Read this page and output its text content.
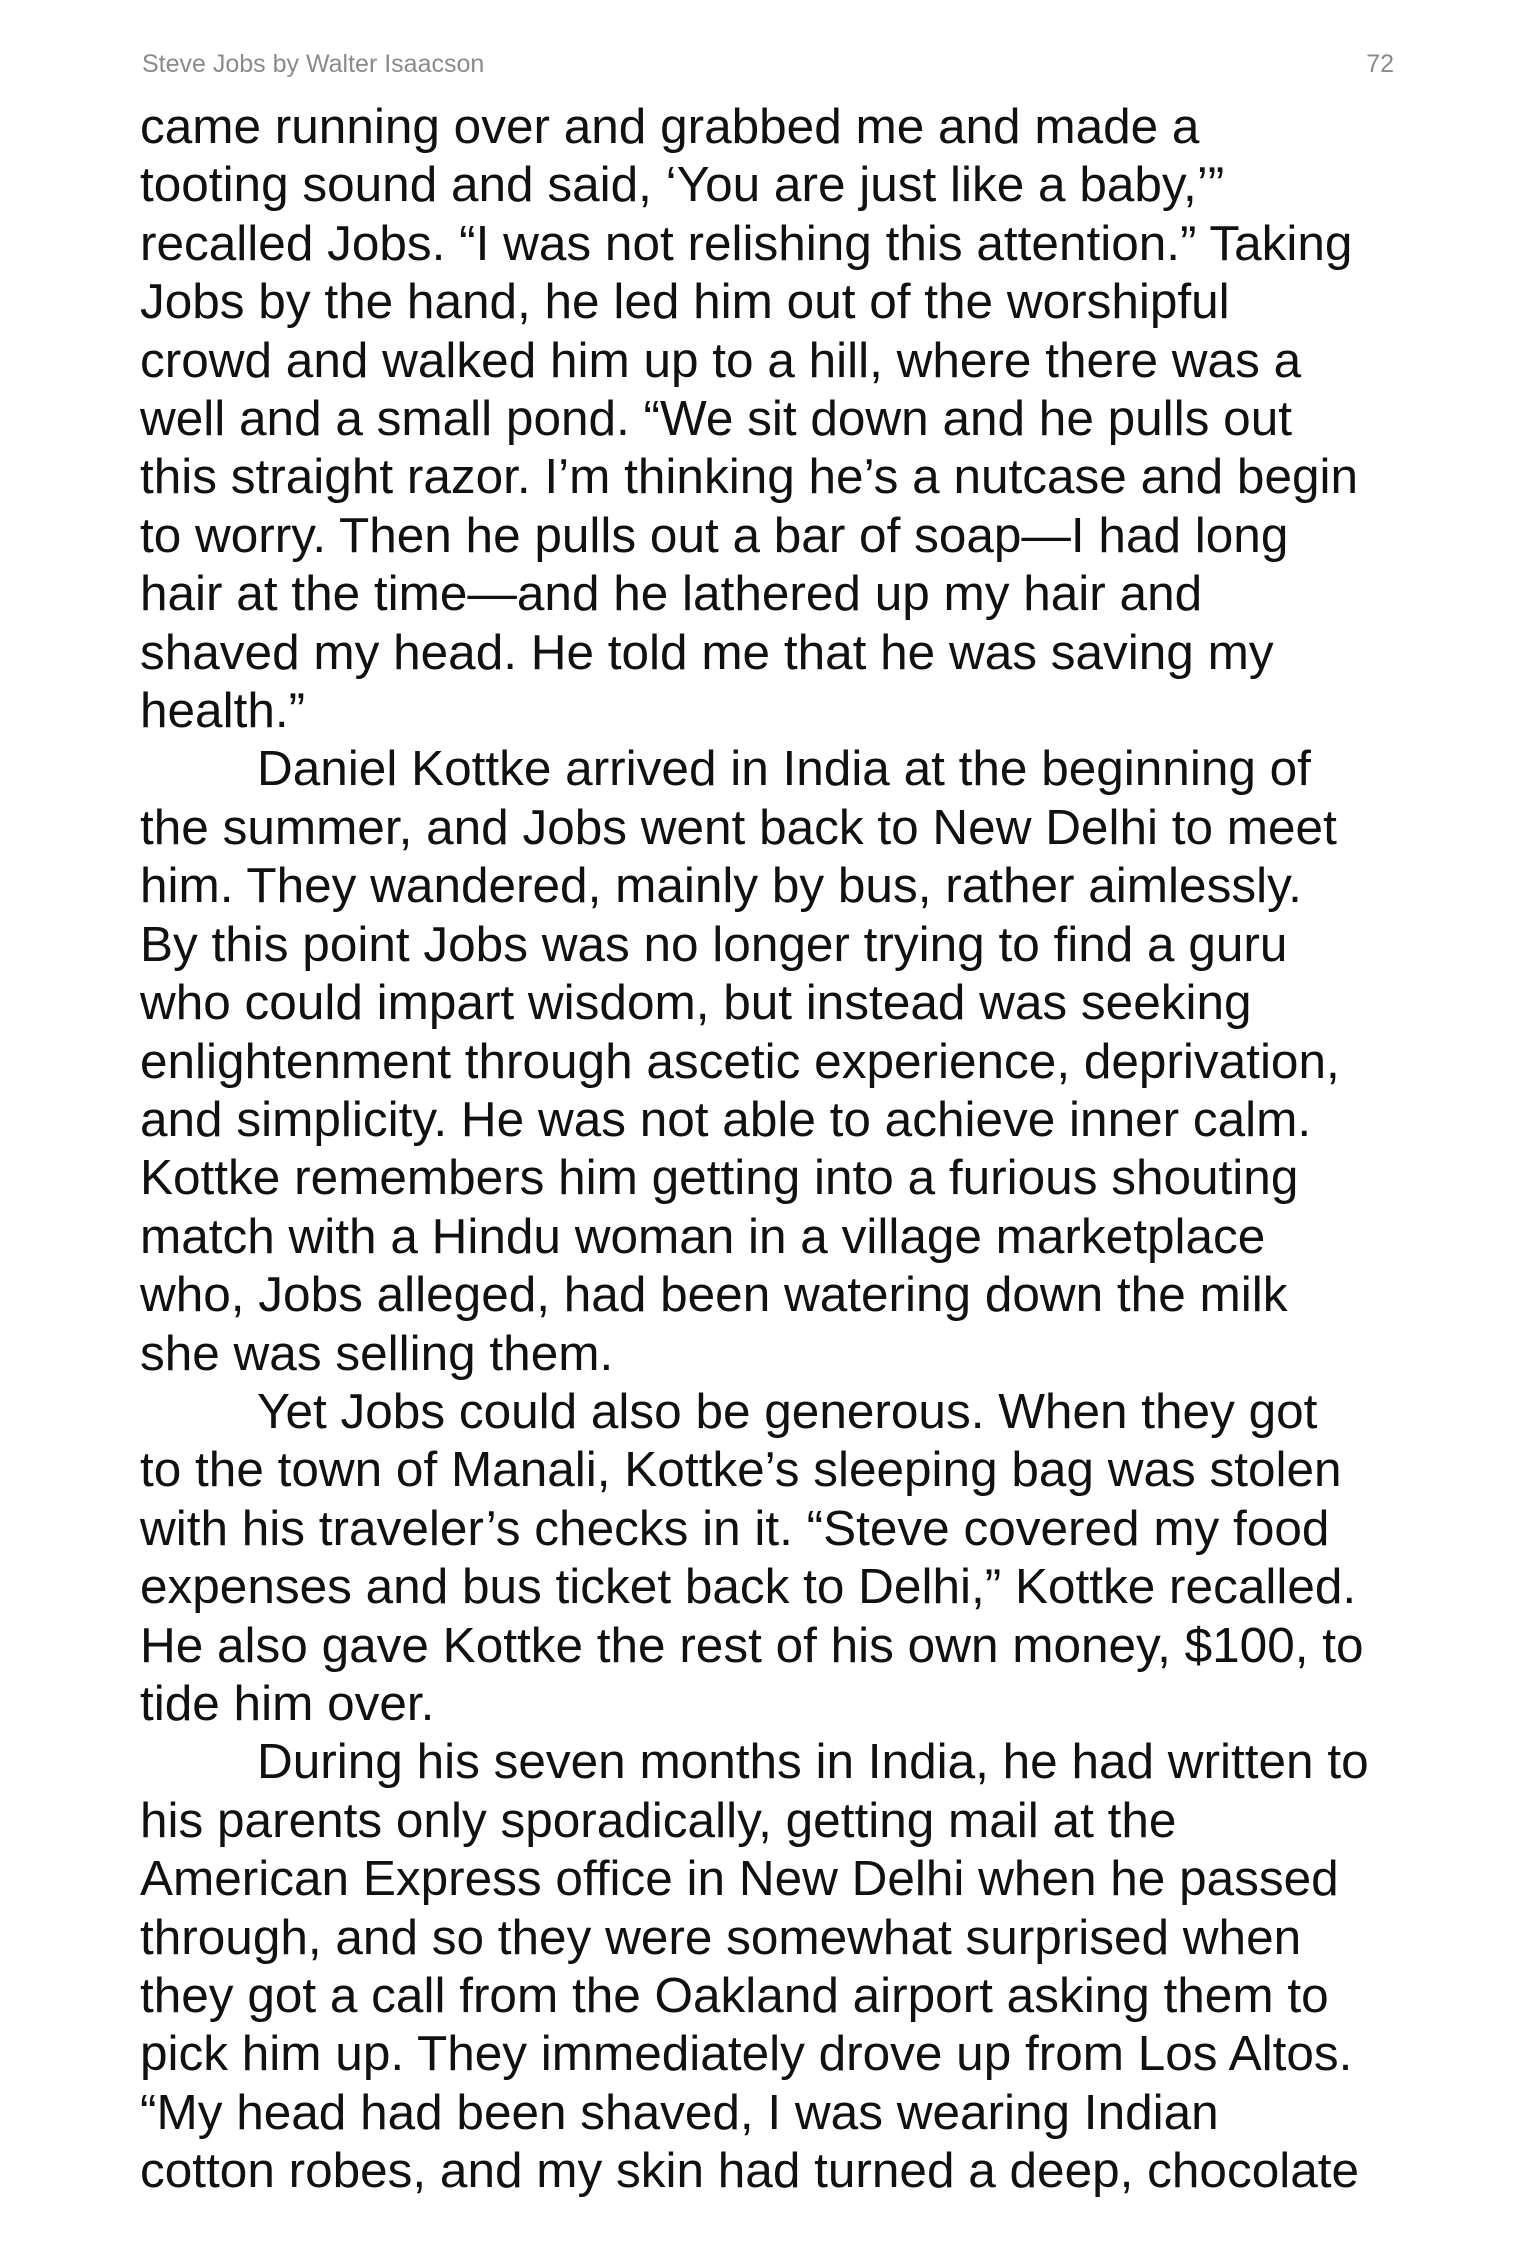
Steve Jobs by Walter Isaacson	72

came running over and grabbed me and made a
tooting sound and said, ‘You are just like a baby,’”
recalled Jobs. “I was not relishing this attention.” Taking
Jobs by the hand, he led him out of the worshipful
crowd and walked him up to a hill, where there was a
well and a small pond. “We sit down and he pulls out
this straight razor. I’m thinking he’s a nutcase and begin
to worry. Then he pulls out a bar of soap—I had long
hair at the time—and he lathered up my hair and
shaved my head. He told me that he was saving my
health.”

Daniel Kottke arrived in India at the beginning of
the summer, and Jobs went back to New Delhi to meet
him. They wandered, mainly by bus, rather aimlessly.
By this point Jobs was no longer trying to find a guru
who could impart wisdom, but instead was seeking
enlightenment through ascetic experience, deprivation,
and simplicity. He was not able to achieve inner calm.
Kottke remembers him getting into a furious shouting
match with a Hindu woman in a village marketplace
who, Jobs alleged, had been watering down the milk
she was selling them.

Yet Jobs could also be generous. When they got
to the town of Manali, Kottke’s sleeping bag was stolen
with his traveler’s checks in it. “Steve covered my food
expenses and bus ticket back to Delhi,” Kottke recalled.
He also gave Kottke the rest of his own money, $100, to
tide him over.

During his seven months in India, he had written to
his parents only sporadically, getting mail at the
American Express office in New Delhi when he passed
through, and so they were somewhat surprised when
they got a call from the Oakland airport asking them to
pick him up. They immediately drove up from Los Altos.
“My head had been shaved, I was wearing Indian
cotton robes, and my skin had turned a deep, chocolate
